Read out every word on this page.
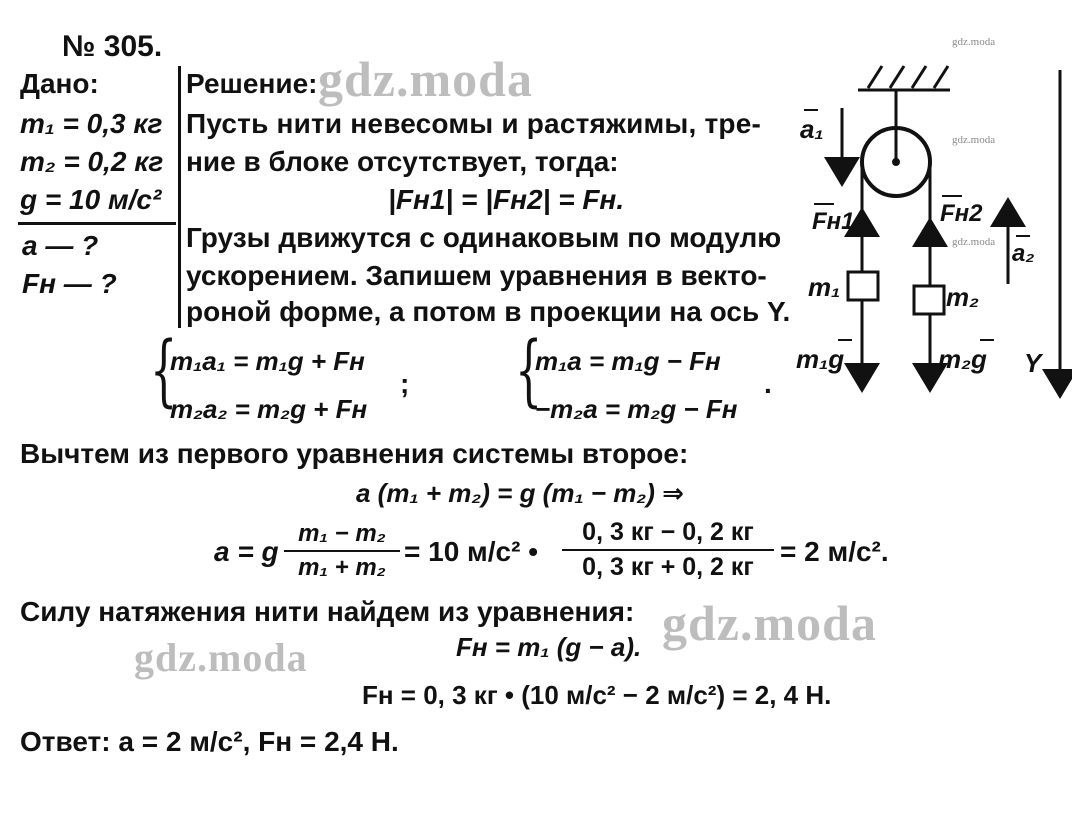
№ 305.
Дано:
m₁ = 0,3 кг
m₂ = 0,2 кг
g = 10 м/с²
a — ?
Fн — ?
Решение:
Пусть нити невесомы и растяжимы, тре-
ние в блоке отсутствует, тогда:
|Fн1| = |Fн2| = Fн.
Грузы движутся с одинаковым по модулю
ускорением. Запишем уравнения в векто-
роной форме, а потом в проекции на ось Y.
{
m₁a₁ = m₁g + Fн
m₂a₂ = m₂g + Fн
; {
m₁a = m₁g − Fн
−m₂a = m₂g − Fн
.
Вычтем из первого уравнения системы второе:
a (m₁ + m₂) = g (m₁ − m₂) ⇒
a = g
m₁ − m₂
m₁ + m₂
= 10 м/с² •
0, 3 кг − 0, 2 кг
0, 3 кг + 0, 2 кг = 2 м/с².
Силу натяжения нити найдем из уравнения:
Fн = m₁ (g − a).
Fн = 0, 3 кг • (10 м/с² − 2 м/с²) = 2, 4 Н.
Ответ: a = 2 м/с², Fн = 2,4 Н.
gdz.moda
gdz.moda
gdz.moda
gdz.moda
gdz.moda
gdz.moda
a₁
a₂
Fн1	Fн2
m₁	m₂
m₁g	m₂g Y
